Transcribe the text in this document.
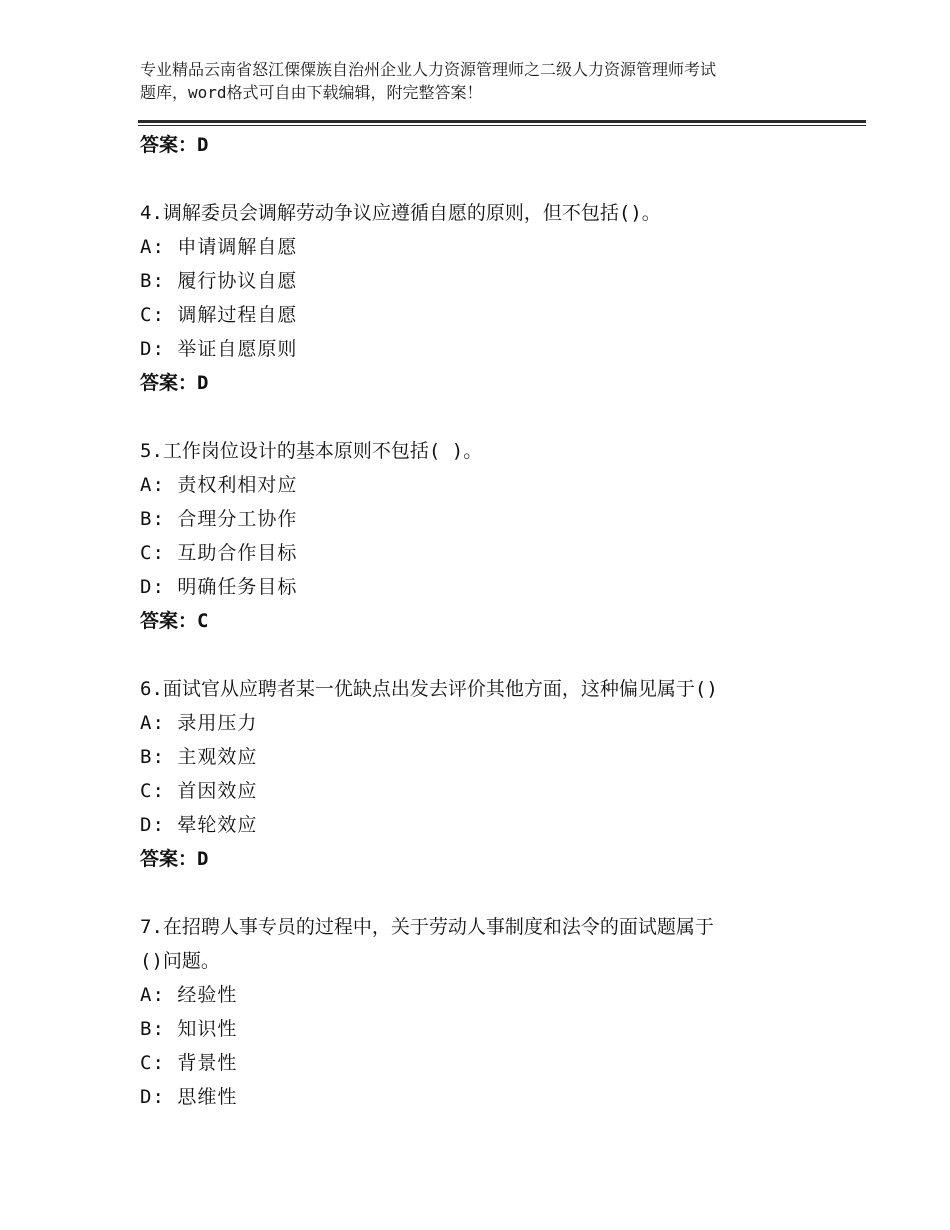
专业精品云南省怒江傈僳族自治州企业人力资源管理师之二级人力资源管理师考试
题库，word格式可自由下载编辑，附完整答案！
答案：D
4.调解委员会调解劳动争议应遵循自愿的原则，但不包括()。
A: 申请调解自愿
B: 履行协议自愿
C: 调解过程自愿
D: 举证自愿原则
答案：D
5.工作岗位设计的基本原则不包括( )。
A: 责权利相对应
B: 合理分工协作
C: 互助合作目标
D: 明确任务目标
答案：C
6.面试官从应聘者某一优缺点出发去评价其他方面，这种偏见属于()
A: 录用压力
B: 主观效应
C: 首因效应
D: 晕轮效应
答案：D
7.在招聘人事专员的过程中，关于劳动人事制度和法令的面试题属于
()问题。
A: 经验性
B: 知识性
C: 背景性
D: 思维性
